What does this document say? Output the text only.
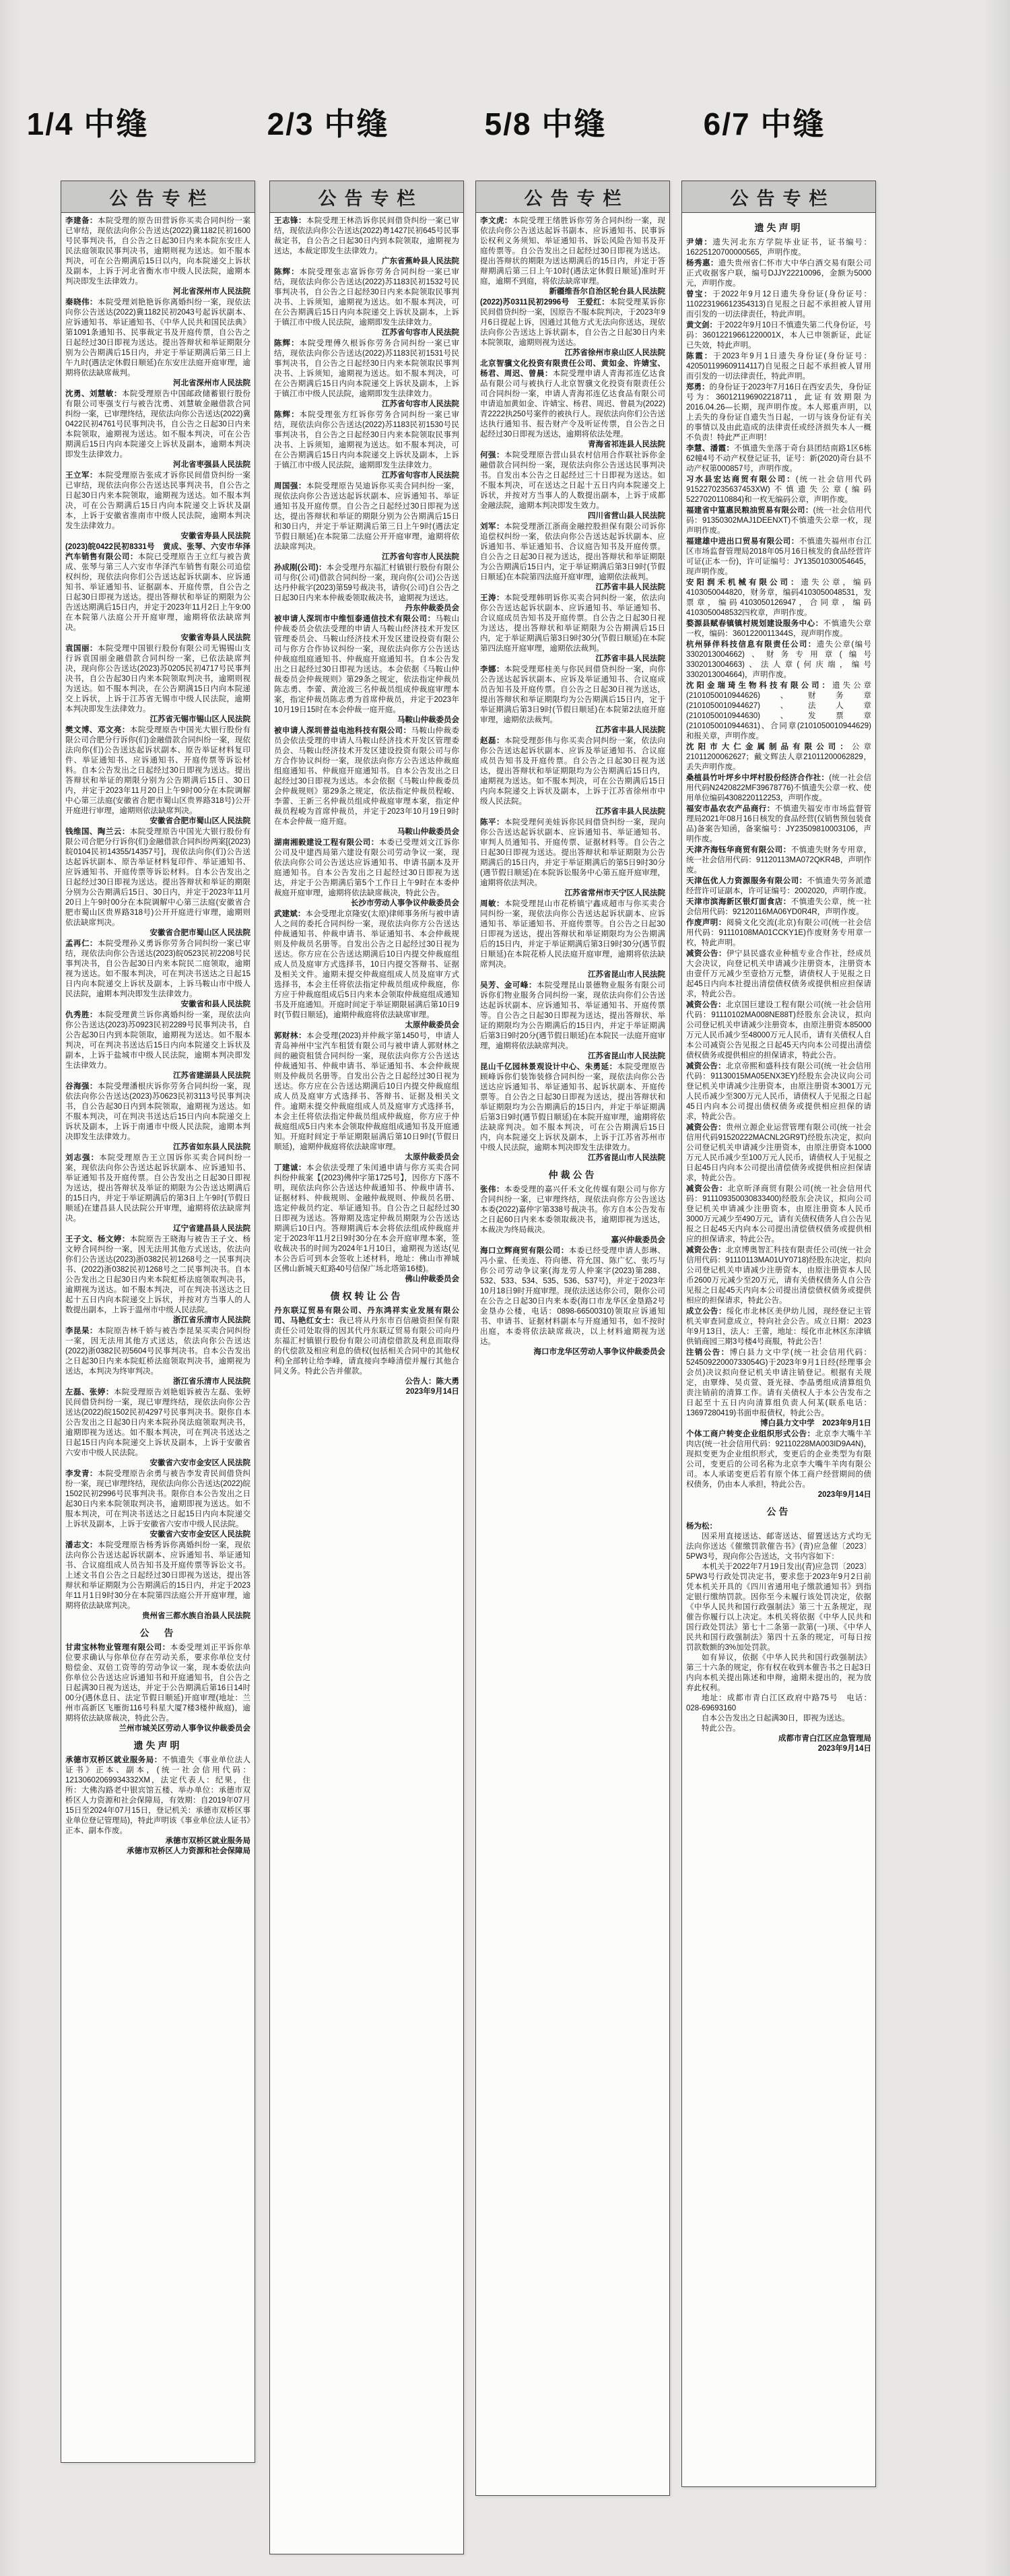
1/4 中缝	2/3 中缝	5/8 中缝	6/7 中缝
公告专栏
李建备：本院受理的原告田营诉你买卖合同纠纷一案已审结，现依法向你公告送达(2022)冀1182民初1600号民事判决书，自公告之日起30日内来本院东安庄人民法庭领取民事判决书，逾期则视为送达。如不服本判决，可在公告期满后15日以内，向本院递交上诉状及副本，上诉于河北省衡水市中级人民法院，逾期本判决即发生法律效力。
河北省深州市人民法院
秦晓伟：本院受理刘艳艳诉你离婚纠纷一案，现依法向你公告送达(2022)冀1182民初2043号起诉状副本、应诉通知书、举证通知书、《中华人民共和国民法典》第1091条通知书、民事裁定书及开庭传票，自公告之日起经过30日即视为送达。提出答辩状和举证期限分别为公告期满后15日内，并定于举证期满后第三日上午九时(遇法定休假日顺延)在东安庄法庭开庭审理，逾期将依法缺席裁判。
河北省深州市人民法院
沈勇、刘慧敏：本院受理原告中国邮政储蓄银行股份有限公司枣强支行与被告沈勇、刘慧敏金融借款合同纠纷一案，已审理终结，现依法向你公告送达(2022)冀0422民初4761号民事判决书，自公告之日起30日内来本院领取，逾期视为送达。如不服本判决，可在公告期满后15日内向本院递交上诉状及副本，逾期本判决即发生法律效力。
河北省枣强县人民法院
王立军：本院受理原告张成才诉你民间借贷纠纷一案已审结，现依法向你公告送达民事判决书，自公告之日起30日内来本院领取，逾期视为送达。如不服本判决，可在公告期满后15日内向本院递交上诉状及副本，上诉于安徽省淮南市中级人民法院，逾期本判决发生法律效力。
安徽省寿县人民法院
(2023)皖0422民初8331号　黄成、张琴、六安市华泽汽车销售有限公司：本院已受理原告王立红与被告黄成、张琴与第三人六安市华泽汽车销售有限公司追偿权纠纷，现依法向你们公告送达起诉状副本、应诉通知书、举证通知书、证据副本、开庭传票，自公告之日起30日即视为送达。提出答辩状和举证的期限为公告送达期满后15日内，并定于2023年11月2日上午9:00在本院第八法庭公开开庭审理，逾期将依法缺席判决。
安徽省寿县人民法院
袁国丽：本院受理中国银行股份有限公司无锡锡山支行诉袁国丽金融借款合同纠纷一案，已依法缺席判决，现向你公告送达(2023)苏0205民初4717号民事判决书，自公告起30日内来本院领取判决书，逾期则视为送达。如不服本判决，在公告期满15日内向本院递交上诉状，上诉于江苏省无锡市中级人民法院，逾期本判决即发生法律效力。
江苏省无锡市锡山区人民法院
樊文博、邓文亮：本院受理原告中国光大银行股份有限公司合肥分行诉你(们)金融借款合同纠纷一案，现依法向你(们)公告送达起诉状副本、原告举证材料复印件、举证通知书、应诉通知书、开庭传票等诉讼材料。自本公告发出之日起经过30日即视为送达。提出答辩状和举证的期限分别为公告期满后15日、30日内，并定于2023年11月20日上午9时00分在本院调解中心第三法庭(安徽省合肥市蜀山区贵界路318号)公开开庭进行审理，逾期则依法缺席判决。
安徽省合肥市蜀山区人民法院
钱维国、陶兰云：本院受理原告中国光大银行股份有限公司合肥分行诉你(们)金融借款合同纠纷两案[(2023)皖0104民初14355/14357号]，现依法向你(们)公告送达起诉状副本、原告举证材料复印件、举证通知书、应诉通知书、开庭传票等诉讼材料。自本公告发出之日起经过30日即视为送达。提出答辩状和举证的期限分别为公告期满后15日、30日内，并定于2023年11月20日上午9时00分在本院调解中心第三法庭(安徽省合肥市蜀山区贵界路318号)公开开庭进行审理，逾期则依法缺席判决。
安徽省合肥市蜀山区人民法院
孟再仁：本院受理孙义勇诉你劳务合同纠纷一案已审结，现依法向你公告送达(2023)皖0523民初2208号民事判决书，自公告起30日内来本院民二庭领取，逾期视为送达。如不服本判决，可在判决书送达之日起15日内向本院递交上诉状及副本，上诉马鞍山市中级人民法院，逾期本判决即发生法律效力。
安徽省和县人民法院
仇秀胜：本院受理黄兰诉你离婚纠纷一案，现依法向你公告送达(2023)苏0923民初2289号民事判决书，自公告起30日内到本院领取，逾期视为送达。如不服本判决，可在判决书送达后15日内向本院递交上诉状及副本，上诉于盐城市中级人民法院，逾期本判决即发生法律效力。
江苏省建湖县人民法院
谷海强：本院受理潘根庆诉你劳务合同纠纷一案，现依法向你公告送达(2023)苏0623民初3113号民事判决书，自公告起30日内到本院领取，逾期视为送达。如不服本判决，可在判决书送达后15日内向本院递交上诉状及副本，上诉于南通市中级人民法院，逾期本判决即发生法律效力。
江苏省如东县人民法院
刘志强：本院受理原告王立国诉你买卖合同纠纷一案，现依法向你公告送达起诉状副本、应诉通知书、举证通知书及开庭传票。自公告发出之日起30日即视为送达，提出答辩状及举证的期限为公告送达期满后的15日内，并定于举证期满后的第3日上午9时(节假日顺延)在建昌县人民法院公开审理，逾期将依法缺席判决。
辽宁省建昌县人民法院
王子文、杨文婷：本院原告王晓海与被告王子文、杨文婷合同纠纷一案，因无法用其他方式送达，依法向你们公告送达(2023)浙0382民初1268号之一民事判决书、(2022)浙0382民初1268号之二民事判决书。自本公告发出之日起30日内来本院虹桥法庭领取判决书，逾期视为送达。如不服本判决，可在判决书送达之日起十五日内向本院递交上诉状，并按对方当事人的人数提出副本，上诉于温州市中级人民法院。
浙江省乐清市人民法院
李昆杲：本院原告林千娇与被告李昆杲买卖合同纠纷一案，因无法用其他方式送达，依法向你公告送达(2022)浙0382民初5604号民事判决书。自本公告发出之日起30日内来本院虹桥法庭领取判决书，逾期视为送达，本判决为终审判决。
浙江省乐清市人民法院
左磊、张婷：本院受理原告刘艳姐诉被告左磊、张婷民间借贷纠纷一案，现已审理终结，现依法向你公告送达(2022)皖1502民初4297号民事判决书。限你自本公告发出之日起30日内来本院孙岗法庭领取判决书，逾期即视为送达。如不服本判决，可在判决书送达之日起15日内向本院递交上诉状及副本，上诉于安徽省六安市中级人民法院。
安徽省六安市金安区人民法院
李发青：本院受理原告余勇与被告李发青民间借贷纠纷一案，现已审理终结，现依法向你公告送达(2022)皖1502民初2996号民事判决书。限你自本公告发出之日起30日内来本院领取判决书，逾期即视为送达。如不服本判决，可在判决书送达之日起15日内向本院递交上诉状及副本，上诉于安徽省六安市中级人民法院。
安徽省六安市金安区人民法院
潘志文：本院受理原告杨秀诉你离婚纠纷一案，现依法向你公告送达起诉状副本、应诉通知书、举证通知书、合议庭组成人员告知书及开庭传票等诉讼文书。上述文书自公告之日起经过30日即视为送达，提出答辩状和举证期限为公告期满后的15日内，并定于2023年11月1日9时30分在本院第四法庭公开开庭审理，逾期将依法缺席判决。
贵州省三都水族自治县人民法院
公　告
甘肃宝林物业管理有限公司：本委受理刘正平诉你单位要求确认与你单位存在劳动关系，要求你单位支付赔偿金、双倍工资等的劳动争议一案，现本委依法向你单位公告送达应诉通知书和开庭通知书，自公告之日起满30日视为送达，并定于公告期满后第16日14时00分(遇休息日、法定节假日顺延)开庭审理(地址：兰州市高新区飞雁街116号科星大厦7楼3楼仲裁庭)，逾期将依法缺席裁决，特此公告。
兰州市城关区劳动人事争议仲裁委员会
遗失声明
承德市双桥区就业服务局：不慎遗失《事业单位法人证书》正本、副本，(统一社会信用代码：12130602069934332XM，法定代表人：纪果，住所：大佛沟路老中银宾馆五楼、举办单位：承德市双桥区人力资源和社会保障局，有效期：自2019年07月15日至2024年07月15日，登记机关：承德市双桥区事业单位登记管理局)，特此声明该《事业单位法人证书》正本、副本作废。
承德市双桥区就业服务局
承德市双桥区人力资源和社会保障局
公告专栏
王志锋：本院受理王林浩诉你民间借贷纠纷一案已审结，现依法向你公告送达(2022)粤1427民初645号民事裁定书，自公告之日起30日内到本院领取，逾期视为送达，本裁定即发生法律效力。
广东省蕉岭县人民法院
陈辉：本院受理张志富诉你劳务合同纠纷一案已审结，现依法向你公告送达(2022)苏1183民初1532号民事判决书，自公告之日起经30日内来本院领取民事判决书、上诉须知，逾期视为送达。如不服本判决，可在公告期满后15日内向本院递交上诉状及副本，上诉于镇江市中级人民法院，逾期即发生法律效力。
江苏省句容市人民法院
陈辉：本院受理傅久根诉你劳务合同纠纷一案已审结，现依法向你公告送达(2022)苏1183民初1531号民事判决书，自公告之日起经30日内来本院领取民事判决书、上诉须知，逾期视为送达。如不服本判决，可在公告期满后15日内向本院递交上诉状及副本，上诉于镇江市中级人民法院，逾期即发生法律效力。
江苏省句容市人民法院
陈辉：本院受理张方红诉你劳务合同纠纷一案已审结，现依法向你公告送达(2022)苏1183民初1530号民事判决书，自公告之日起经30日内来本院领取民事判决书、上诉须知，逾期视为送达。如不服本判决，可在公告期满后15日内向本院递交上诉状及副本，上诉于镇江市中级人民法院，逾期即发生法律效力。
江苏省句容市人民法院
周国强：本院受理原告吴迪诉你买卖合同纠纷一案，现依法向你公告送达起诉状副本、应诉通知书、举证通知书及开庭传票。自公告之日起经过30日即视为送达，提出答辩状和举证的期限分别为公告期满后15日和30日内，并定于举证期满后第三日上午9时(遇法定节假日顺延)在本院第二法庭公开开庭审理，逾期将依法缺席判决。
江苏省句容市人民法院
孙成刚(公司)：本会受理丹东福汇村镇银行股份有限公司与你(公司)借款合同纠纷一案，现向你(公司)公告送达丹仲裁字(2023)第59号裁决书，请你(公司)自公告之日起30日内来本仲裁委领取裁决书，逾期视为送达。
丹东仲裁委员会
被申请人深圳市中维恒泰通信技术有限公司：马鞍山仲裁委员会依法受理的申请人马鞍山经济技术开发区管理委员会、马鞍山经济技术开发区建设投资有限公司与你方合作协议纠纷一案，现依法向你方公告送达仲裁庭组庭通知书、仲裁庭开庭通知书。自本公告发出之日起经过30日即视为送达。本会依据《马鞍山仲裁委员会仲裁规则》第29条之规定，依法指定仲裁员陈志勇、李蕾、黄沧波三名仲裁员组成仲裁庭审理本案，指定仲裁员陈志勇为首席仲裁员，并定于2023年10月19日15时在本会仲裁一庭开庭。
马鞍山仲裁委员会
被申请人深圳普益电池科技有限公司：马鞍山仲裁委员会依法受理的申请人马鞍山经济技术开发区管理委员会、马鞍山经济技术开发区建设投资有限公司与你方合作协议纠纷一案，现依法向你方公告送达仲裁庭组庭通知书、仲裁庭开庭通知书。自本公告发出之日起经过30日即视为送达。本会依据《马鞍山仲裁委员会仲裁规则》第29条之规定，依法指定仲裁员程峻、李蕾、王新三名仲裁员组成仲裁庭审理本案，指定仲裁员程峻为首席仲裁员，并定于2023年10月19日9时在本会仲裁一庭开庭。
马鞍山仲裁委员会
湖南湘毅建设工程有限公司：本委已受理刘文江诉你公司及中建西局第六建设有限公司劳动争议一案，现依法向你公司公告送达应诉通知书、申请书副本及开庭通知书。自本公告发出之日起经过30日即视为送达，并定于公告期满后第5个工作日上午9时在本委仲裁庭开庭审理，逾期将依法缺席裁决，特此公告。
长沙市劳动人事争议仲裁委员会
武建斌：本会受理北京隆安(太原)律师事务所与被申请人之间的委托合同纠纷一案，现依法向你方公告送达仲裁通知书、仲裁申请书、举证通知书、本会仲裁规则及仲裁员名册等。自发出公告之日起经过30日视为送达。你方应在公告送达期满后10日内提交仲裁庭组成人员及庭审方式选择书，10日内提交答辩书、证据及相关文件。逾期未提交仲裁庭组成人员及庭审方式选择书，本会主任将依法指定仲裁员组成仲裁庭，你方应于仲裁庭组成后5日内来本会领取仲裁庭组成通知书及开庭通知。开庭时间定于举证期限届满后第10日9时(节假日顺延)，逾期仲裁庭将依法缺席审理。
太原仲裁委员会
郭财林：本会受理(2023)并仲裁字第1450号，申请人青岛神州中宝汽车租赁有限公司与被申请人郭财林之间的融资租赁合同纠纷一案，现依法向你方公告送达仲裁通知书、仲裁申请书、举证通知书、本会仲裁规则及仲裁员名册等。自发出公告之日起经过30日视为送达。你方应在公告送达期满后10日内提交仲裁庭组成人员及庭审方式选择书、答辩书、证据及相关文件。逾期未提交仲裁庭组成人员及庭审方式选择书，本会主任将依法指定仲裁员组成仲裁庭，你方应于仲裁庭组成5日内来本会领取仲裁庭组成通知书及开庭通知。开庭时间定于举证期限届满后第10日9时(节假日顺延)，逾期仲裁庭将依法缺席审理。
太原仲裁委员会
丁建诚：本会依法受理了朱闰通申请与你方买卖合同纠纷仲裁案【(2023)佛仲字第1725号】，因你方下落不明，现依法向你公告送达仲裁通知书、仲裁申请书、证据材料、仲裁规则、金融仲裁规则、仲裁员名册、选定仲裁员约定、举证通知书。自公告之日起经过30日即视为送达。答辩期及选定仲裁员期限为公告送达期满后10日内。答辩期满后本会将依法组成仲裁庭并定于2023年11月2日9时30分在本会开庭审理本案，签收裁决书的时间为2024年1月10日，逾期视为送达(见本公告后可到本会签收上述材料，地址：佛山市禅城区佛山新城天虹路40号信保广场北塔第16楼)。
佛山仲裁委员会
债权转让公告
丹东联辽贸易有限公司、丹东鸿祥实业发展有限公司、马艳红女士：我已将从丹东市百信融资担保有限责任公司处取得的因其代丹东联辽贸易有限公司向丹东福汇村镇银行股份有限公司清偿借款及利息而取得的代偿款及相应利息的债权(包括相关合同中的其他权利)全部转让给李峰，请直接向李峰清偿并履行其他合同义务。特此公告并催款。
公告人：陈大勇
2023年9月14日
公告专栏
李文虎：本院受理王绪胜诉你劳务合同纠纷一案，现依法向你公告送达起诉书副本、应诉通知书、民事诉讼权利义务须知、举证通知书、诉讼风险告知书及开庭传票等。自公告发出之日起经过30日即视为送达。提出答辩状的期限为送达期满后的15日内，并定于答辩期满后第三日上午10时(遇法定休假日顺延)准时开庭，逾期不到庭，将依法缺席审理。
新疆维吾尔自治区轮台县人民法院
(2022)苏0311民初2996号　王爱红：本院受理某诉你民间借贷纠纷一案，因原告不服本院判决，于2023年9月6日提起上诉，因通过其他方式无法向你送达，现依法向你公告送达上诉状副本，自公告之日起30日内来本院领取，逾期则视为送达。
江苏省徐州市泉山区人民法院
北京智骥文化投资有限责任公司、黄如金、许婧宝、杨君、周迟、曾晨：本院受理申请人青海祁连亿达食品有限公司与被执行人北京智骥文化投资有限责任公司合同纠纷一案，申请人青海祁连亿达食品有限公司申请追加黄如金、许婧宝、杨君、周迟、曾晨为(2022)青2222执250号案件的被执行人。现依法向你们公告送达执行通知书、报告财产令及听证传票，自公告之日起经过30日即视为送达，逾期将依法处理。
青海省祁连县人民法院
何强：本院受理原告营山县农村信用合作联社诉你金融借款合同纠纷一案，现依法向你公告送达民事判决书。自发出本公告之日起经过三十日即视为送达。如不服本判决，可在送达之日起十五日内向本院递交上诉状，并按对方当事人的人数提出副本，上诉于成都金融法院，逾期本判决即发生效力。
四川省营山县人民法院
刘军：本院受理浙江浙商金融控股担保有限公司诉你追偿权纠纷一案，依法向你公告送达起诉状副本、应诉通知书、举证通知书、合议庭告知书及开庭传票。自公告之日起30日视为送达，提出答辩状和举证期限为公告期满后15日内，定于举证期满后第3日9时(节假日顺延)在本院第四法庭开庭审理，逾期依法裁判。
江苏省丰县人民法院
王涛：本院受理韩明诉你买卖合同纠纷一案，依法向你公告送达起诉状副本、应诉通知书、举证通知书、合议庭成员告知书及开庭传票。自公告之日起30日视为送达，提出答辩状和举证期限为公告期满后15日内，定于举证期满后第3日9时30分(节假日顺延)在本院第四法庭开庭审理，逾期依法裁判。
江苏省丰县人民法院
李娜：本院受理郑桂美与你民间借贷纠纷一案，向你公告送达起诉状副本、应诉及举证通知书、合议庭成员告知书及开庭传票。自公告之日起30日视为送达，提出答辩状和举证期限均为公告期满后15日内，定于举证期满后第3日9时(节假日顺延)在本院第2法庭开庭审理，逾期依法裁判。
江苏省丰县人民法院
赵磊：本院受理彭伟与你买卖合同纠纷一案，依法向你公告送达起诉状副本、应诉及举证通知书、合议庭成员告知书及开庭传票。自公告之日起30日视为送达，提出答辩状和举证期限均为公告期满后15日内，逾期视为送达。如不服本判决，可在公告期满后15日内向本院递交上诉状及副本，上诉于江苏省徐州市中级人民法院。
江苏省丰县人民法院
陈平：本院受理何美娃诉你民间借贷纠纷一案，现向你公告送达起诉状副本、应诉通知书、举证通知书、审判人员通知书、开庭传票、证据材料等。自公告之日起30日即视为送达。提出答辩状和举证期限为公告期满后的15日内，并定于举证期满后的第5日9时30分(遇节假日顺延)在本院诉讼服务中心第五庭开庭审理，逾期将依法判决。
江苏省常州市天宁区人民法院
周敏：本院受理昆山市花桥镇宁鑫成超市与你买卖合同纠纷一案，现依法向你公告送达起诉状副本、应诉通知书、举证通知书、开庭传票等。自公告之日起30日即视为送达，提出答辩状和举证期限均为公告期满后的15日内，并定于举证期满后第3日9时30分(遇节假日顺延)在本院花桥人民法庭开庭审理，逾期将依法缺席判决。
江苏省昆山市人民法院
吴芳、金可峰：本院受理昆山景德物业服务有限公司诉你们物业服务合同纠纷一案，现依法向你们公告送达起诉状副本、应诉通知书、举证通知书、开庭传票等。自公告之日起30日即视为送达，提出答辩状、举证的期限均为公告期满后的15日内，并定于举证期满后第3日9时20分(遇节假日顺延)在本院民一法庭开庭审理，逾期将依法缺席判决。
江苏省昆山市人民法院
昆山千亿园林景观设计中心、朱勇延：本院受理原告顾峰诉你们装饰装修合同纠纷一案，现依法向你公告送达应诉通知书、举证通知书、起诉状副本、开庭传票等。自公告之日起30日即视为送达，提出答辩状和举证期限均为公告期满后的15日内，并定于举证期满后第3日9时(遇节假日顺延)在本院开庭审理，逾期将依法缺席判决。如不服本判决，可在公告期满后15日内，向本院递交上诉状及副本，上诉于江苏省苏州市中级人民法院，逾期本判决即发生法律效力。
江苏省昆山市人民法院
仲裁公告
张伟：本委受理的嘉兴仟禾文化传媒有限公司与你方合同纠纷一案，已审理终结，现依法向你方公告送达本委(2022)嘉仲字第338号裁决书。你方自本公告发布之日起60日内来本委领取裁决书，逾期即视为送达，本裁决为终局裁决。
嘉兴仲裁委员会
海口立辉商贸有限公司：本委已经受理申请人彭琳、冯小童、任美连、符向德、符允国、陈广忆、张巧与你公司劳动争议案(海龙劳人仲案字(2023)第288、532、533、534、535、536、537号)，并定于2023年10月18日9时开庭审理。现依法送达你公司，限你公司在公告之日起30日内来本委(海口市龙华区金垦路2号金垦办公楼，电话：0898-66500310)领取应诉通知书、申请书、证据材料副本与开庭通知书，如不按时出庭，本委将依法缺席裁决，以上材料逾期视为送达。
海口市龙华区劳动人事争议仲裁委员会
公告专栏
遗失声明
尹婧：遗失河北东方学院毕业证书，证书编号：16225120700000565，声明作废。
杨秀惠：遗失贵州省仁怀市大中华白酒交易有限公司正式收据客户联，编号DJJY22210096，金额为5000元，声明作废。
曾宝：于2022年9月12日遗失身份证(身份证号：110223196612354313)自见报之日起不承担被人冒用而引发的一切法律责任，特此声明。
黄文剑：于2022年9月10日不慎遗失第二代身份证，号码：36012219661220001X，本人已申领新证，此证已失效，特此声明。
陈霞：于2023年9月1日遗失身份证(身份证号：420501199609114117)自见报之日起不承担被人冒用而引发的一切法律责任，特此声明。
郑勇：的身份证于2023年7月16日在西安丢失，身份证号为：360121196902218711，此证有效期限为2016.04.26—长期，现声明作废。本人郑重声明，以上丢失的身份证自遗失当日起，一切与该身份证有关的事情以及由此造成的法律责任或经济损失本人一概不负责！特此严正声明！
李慧、潘霞：不慎遗失坐落于奇台县团结南路1区6栋62幢4号不动产权登记证书，证号：新(2020)奇台县不动产权第000857号，声明作废。
习水县宏达商贸有限公司：(统一社会信用代码9152270235637453XW)不慎遗失公章(编码5227020110884)和一枚无编码公章，声明作废。
福建省中篁惠民粮油贸易有限公司：(统一社会信用代码：91350302MAJ1DEENXT)不慎遗失公章一枚，现声明作废。
福建雄中进出口贸易有限公司：不慎遗失福州市台江区市场监督管理局2018年05月16日核发的食品经营许可证(正本一份)，许可证编号：JY13501030054645，现声明作废。
安阳润禾机械有限公司：遗失公章，编码4103050044820，财务章，编码4103050048531，发票章，编码4103050126947，合同章，编码4103050048532四枚章，声明作废。
婺源县赋春镇镇村规划建设服务中心：不慎遗失公章一枚，编码：3601220011344S，现声明作废。
杭州驿伴科技信息有限责任公司：遗失公章(编号3302013004662)、财务专用章(编号3302013004663)、法人章(何庆端，编号3302013004664)，声明作废。
沈阳金瑞琦生物科技有限公司：遗失公章(2101050010944626)、财务章(2101050010944627)、法人章(2101050010944630)、发票章(2101050010944631)、合同章(2101050010944629)和报关章，声明作废。
沈阳市大仁金属制品有限公司：公章21011200062627；戴文辉法人章21011200062829，丢失声明作废。
桑植县竹叶坪乡中坪村股份经济合作社：(统一社会信用代码N2420822MF39678776)不慎遗失公章一枚、使用单位编码4308220112253，声明作废。
福安市晶农农产品商行：不慎遗失福安市市场监督管理局2021年08月16日核发的食品经营(仅销售预包装食品)备案告知函，备案编号：JY23509810003106，声明作废。
天津齐海钰华商贸有限公司：不慎遗失财务专用章，统一社会信用代码：91120113MA072QKR4B，声明作废。
天津伍优人力资源服务有限公司：不慎遗失劳务派遣经营许可证副本，许可证编号：2002020，声明作废。
天津市滨海新区银灯面食店：不慎遗失公章，统一社会信用代码：92120116MA06YD0R4R，声明作废。
作废声明：阅骑文化交流(北京)有限公司(统一社会信用代码：91110108MA01CCKY1E)作废财务专用章一枚，特此声明。
减资公告：伊宁县民盛农业种植专业合作社，经成员大会决议，向登记机关申请减少注册资本，注册资本由壹仟万元减少至壹拾万元整，请债权人于见报之日起45日内向本社提出清偿债权债务或提供相应担保请求，特此公告。
减资公告：北京国巨建设工程有限公司(统一社会信用代码：91110102MA008NE88T)经股东会决议，拟向公司登记机关申请减少注册资本，由原注册资本85000万元人民币减少至48000万元人民币，请有关债权人自本公司减资公告见报之日起45天内向本公司提出清偿债权债务或提供相应的担保请求，特此公告。
减资公告：北京帝熙和盛科技有限公司(统一社会信用代码：91130015MA05ENX3EY)经股东会决议向公司登记机关申请减少注册资本，由原注册资本3001万元人民币减少至300万元人民币，请债权人于见报之日起45日内向本公司提出债权债务或提供相应担保的请求，特此公告。
减资公告：贵州立源企业运营管理有限公司(统一社会信用代码91520222MACNL2GR9T)经股东决定，拟向公司登记机关申请减少注册资本，由原注册资本1000万元人民币减少至100万元人民币，请债权人于见报之日起45日内向本公司提出清偿债务或提供相应担保请求，特此公告。
减资公告：北京昕泽商贸有限公司(统一社会信用代码：911109350030833400)经股东会决议，拟向公司登记机关申请减少注册资本，由原注册资本人民币3000万元减少至490万元，请有关债权债务人自公告见报之日起45天内向本公司提出清偿债权债务或提供相应的担保请求，特此公告。
减资公告：北京博奥智汇科技有限责任公司(统一社会信用代码：91110113MA01UY0718)经股东决定，拟向公司登记机关申请减少注册资本，由原注册资本人民币2600万元减少至20万元，请有关债权债务人自公告见报之日起45天内向本公司提出清偿债权债务或提供相应的担保请求，特此公告。
成立公告：绥化市北林区美伊幼儿园，现经登记主管机关审查同意成立，特向社会公告。成立日期：2023年9月13日，法人：王蕾，地址：绥化市北林区东津镇供销商园三期3号楼4号商服，特此公告！
注销公告：博白县力文中学(统一社会信用代码：52450922000733054G)于2023年9月1日经(经理事会会员)决议拟向登记机关申请注销登记。根据有关规定，由覃烽、吴贞萱、聂光禄、李晶勇组成清算组负责注销前的清算工作。请有关债权人于本公告发布之日起至十五日内向清算组负责人何某(联系电话：13697280419)书面申报债权，特此公告。
博白县力文中学　2023年9月1日
个体工商户转变企业组织形式公告：北京李大嘴牛羊肉店(统一社会信用代码：92110228MA003ID9A4N)，现拟变更为企业组织形式，变更后的企业类型为有限公司，变更后的公司名称为北京李大嘴牛羊肉有限公司。本人承诺变更后若有原个体工商户经营期间的债权债务，仍由本人承担，特此公告。
2023年9月14日
公告
杨为松：
因采用直接送达、邮寄送达、留置送达方式均无法向你送达《催缴罚款催告书》(青)应急催〔2023〕5PW3号，现向你公告送达，文书内容如下：
本机关于2022年7月19日发出(青)应急罚〔2023〕5PW3号行政处罚决定书，要求您于2023年9月2日前凭本机关开具的《四川省通用电子缴款通知书》到指定银行缴纳罚款。因你至今未履行该处罚决定，依据《中华人民共和国行政强制法》第三十五条规定，现催告你履行以上决定。本机关将依据《中华人民共和国行政处罚法》第七十二条第一款第(一)项、《中华人民共和国行政强制法》第四十五条的规定，可每日按罚款数额的3%加处罚款。
如有异议，依据《中华人民共和国行政强制法》第三十六条的规定，你有权在收到本催告书之日起3日内向本机关提出陈述和申辩，逾期未提出的，视为放弃此权利。
地址：成都市青白江区政府中路75号　电话：028-69693160
自本公告发出之日起满30日，即视为送达。
特此公告。
成都市青白江区应急管理局
2023年9月14日
